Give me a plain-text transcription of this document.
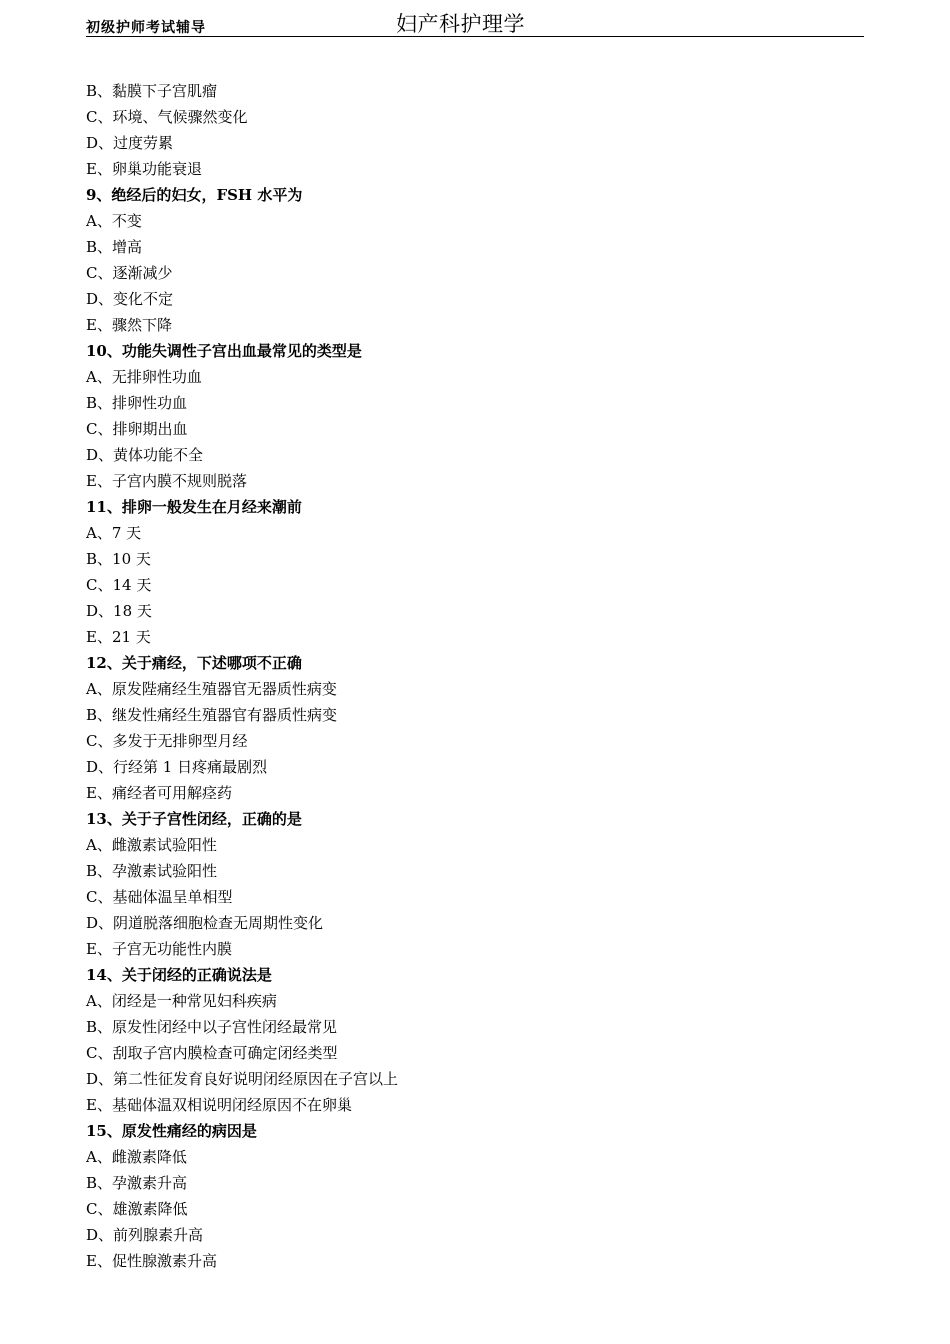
初级护师考试辅导	妇产科护理学
B、黏膜下子宫肌瘤
C、环境、气候骤然变化
D、过度劳累
E、卵巢功能衰退
9、绝经后的妇女，FSH 水平为
A、不变
B、增高
C、逐渐减少
D、变化不定
E、骤然下降
10、功能失调性子宫出血最常见的类型是
A、无排卵性功血
B、排卵性功血
C、排卵期出血
D、黄体功能不全
E、子宫内膜不规则脱落
11、排卵一般发生在月经来潮前
A、7 天
B、10 天
C、14 天
D、18 天
E、21 天
12、关于痛经，下述哪项不正确
A、原发陛痛经生殖器官无器质性病变
B、继发性痛经生殖器官有器质性病变
C、多发于无排卵型月经
D、行经第 1 日疼痛最剧烈
E、痛经者可用解痉药
13、关于子宫性闭经，正确的是
A、雌激素试验阳性
B、孕激素试验阳性
C、基础体温呈单相型
D、阴道脱落细胞检查无周期性变化
E、子宫无功能性内膜
14、关于闭经的正确说法是
A、闭经是一种常见妇科疾病
B、原发性闭经中以子宫性闭经最常见
C、刮取子宫内膜检查可确定闭经类型
D、第二性征发育良好说明闭经原因在子宫以上
E、基础体温双相说明闭经原因不在卵巢
15、原发性痛经的病因是
A、雌激素降低
B、孕激素升高
C、雄激素降低
D、前列腺素升高
E、促性腺激素升高
